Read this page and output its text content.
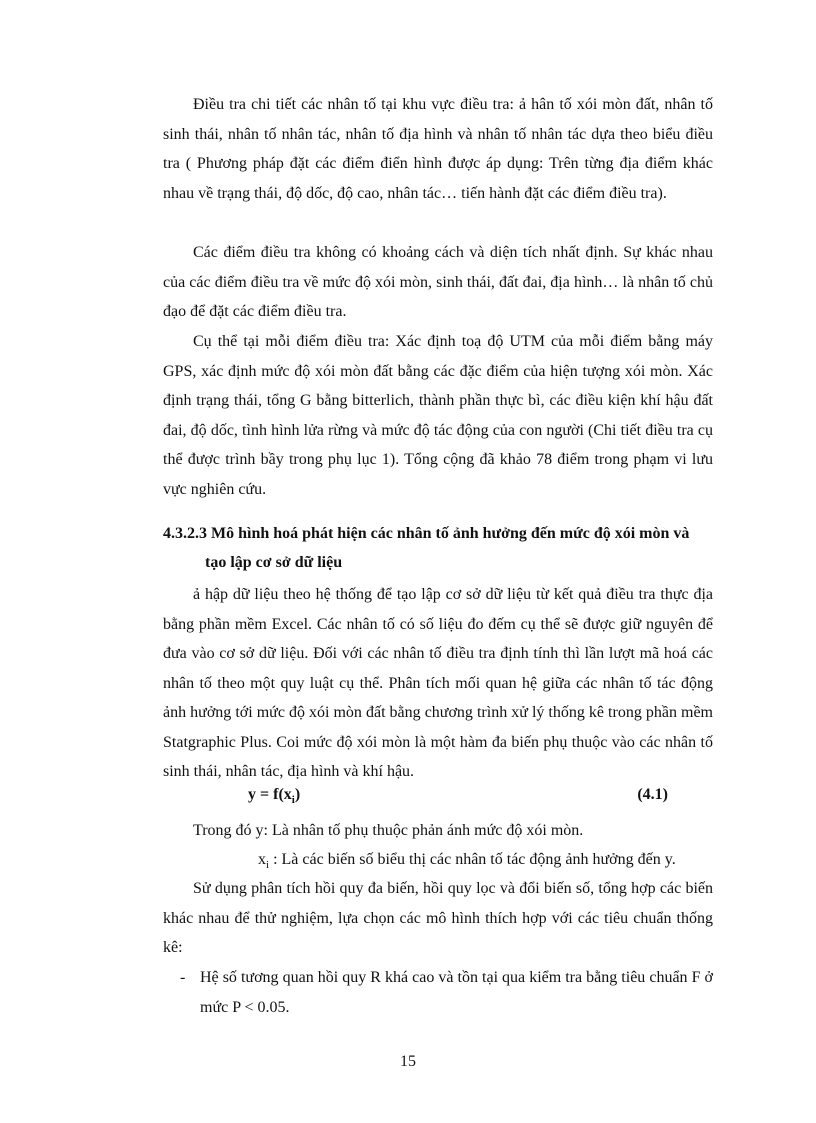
Điều tra chi tiết các nhân tố tại khu vực điều tra: ả hân tố xói mòn đất, nhân tố sinh thái, nhân tố nhân tác, nhân tố địa hình và nhân tố nhân tác dựa theo biểu điều tra ( Phương pháp đặt các điểm điển hình được áp dụng: Trên từng địa điểm khác nhau về trạng thái, độ dốc, độ cao, nhân tác… tiến hành đặt các điểm điều tra).

Các điểm điều tra không có khoảng cách và diện tích nhất định. Sự khác nhau của các điểm điều tra về mức độ xói mòn, sinh thái, đất đai, địa hình… là nhân tố chủ đạo để đặt các điểm điều tra.

Cụ thể tại mỗi điểm điều tra: Xác định toạ độ UTM của mỗi điểm bằng máy GPS, xác định mức độ xói mòn đất bằng các đặc điểm của hiện tượng xói mòn. Xác định trạng thái, tổng G bằng bitterlich, thành phần thực bì, các điều kiện khí hậu đất đai, độ dốc, tình hình lửa rừng và mức độ tác động của con người (Chi tiết điều tra cụ thể được trình bầy trong phụ lục 1). Tổng cộng đã khảo 78 điểm trong phạm vi lưu vực nghiên cứu.

4.3.2.3 Mô hình hoá phát hiện các nhân tố ảnh hưởng đến mức độ xói mòn và
tạo lập cơ sở dữ liệu

ả hập dữ liệu theo hệ thống để tạo lập cơ sở dữ liệu từ kết quả điều tra thực địa bằng phần mềm Excel. Các nhân tố có số liệu đo đếm cụ thể sẽ được giữ nguyên để đưa vào cơ sở dữ liệu. Đối với các nhân tố điều tra định tính thì lần lượt mã hoá các nhân tố theo một quy luật cụ thể. Phân tích mối quan hệ giữa các nhân tố tác động ảnh hưởng tới mức độ xói mòn đất bằng chương trình xử lý thống kê trong phần mềm Statgraphic Plus. Coi mức độ xói mòn là một hàm đa biến phụ thuộc vào các nhân tố sinh thái, nhân tác, địa hình và khí hậu.

$y = f(x_i)$	(4.1)
Trong đó y: Là nhân tố phụ thuộc phản ánh mức độ xói mòn.
$x_i$ : Là các biến số biểu thị các nhân tố tác động ảnh hưởng đến y.

Sử dụng phân tích hồi quy đa biến, hồi quy lọc và đổi biến số, tổng hợp các biến khác nhau để thử nghiệm, lựa chọn các mô hình thích hợp với các tiêu chuẩn thống kê:

- Hệ số tương quan hồi quy R khá cao và tồn tại qua kiểm tra bằng tiêu chuẩn F ở mức P < 0.05.

15
